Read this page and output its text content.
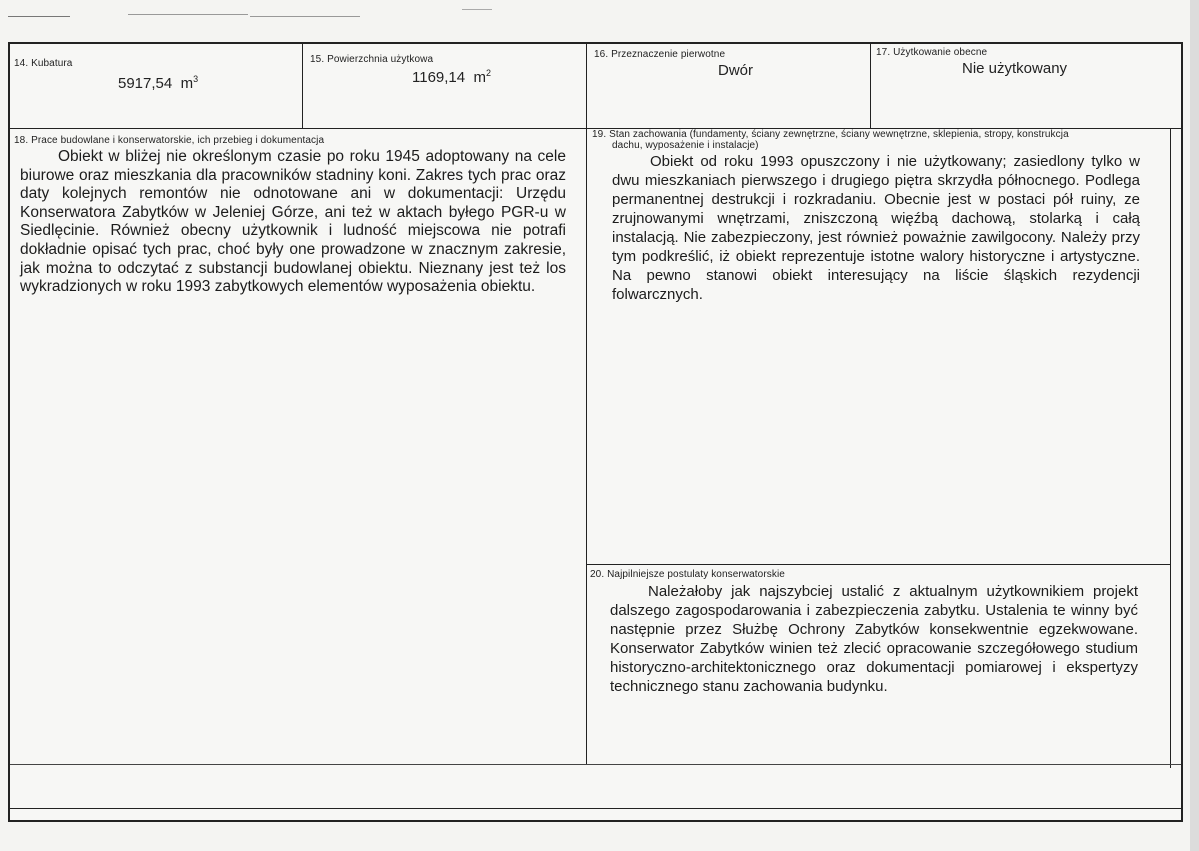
14. Kubatura
5917,54 $m^3$
15. Powierzchnia użytkowa
1169,14 $m^2$
16. Przeznaczenie pierwotne
Dwór
17. Użytkowanie obecne
Nie użytkowany
18. Prace budowlane i konserwatorskie, ich przebieg i dokumentacja
Obiekt w bliżej nie określonym czasie po roku 1945 adoptowany na cele biurowe oraz mieszkania dla pracowników stadniny koni. Zakres tych prac oraz daty kolejnych remontów nie odnotowane ani w dokumentacji: Urzędu Konserwatora Zabytków w Jeleniej Górze, ani też w aktach byłego PGR-u w Siedlęcinie. Również obecny użytkownik i ludność miejscowa nie potrafi dokładnie opisać tych prac, choć były one prowadzone w znacznym zakresie, jak można to odczytać z substancji budowlanej obiektu. Nieznany jest też los wykradzionych w roku 1993 zabytkowych elementów wyposażenia obiektu.
19. Stan zachowania (fundamenty, ściany zewnętrzne, ściany wewnętrzne, sklepienia, stropy, konstrukcja
dachu, wyposażenie i instalacje)
Obiekt od roku 1993 opuszczony i nie użytkowany; zasiedlony tylko w dwu mieszkaniach pierwszego i drugiego piętra skrzydła północnego. Podlega permanentnej destrukcji i rozkradaniu. Obecnie jest w postaci pół ruiny, ze zrujnowanymi wnętrzami, zniszczoną więźbą dachową, stolarką i całą instalacją. Nie zabezpieczony, jest również poważnie zawilgocony. Należy przy tym podkreślić, iż obiekt reprezentuje istotne walory historyczne i artystyczne. Na pewno stanowi obiekt interesujący na liście śląskich rezydencji folwarcznych.
20. Najpilniejsze postulaty konserwatorskie
Należałoby jak najszybciej ustalić z aktualnym użytkownikiem projekt dalszego zagospodarowania i zabezpieczenia zabytku. Ustalenia te winny być następnie przez Służbę Ochrony Zabytków konsekwentnie egzekwowane. Konserwator Zabytków winien też zlecić opracowanie szczegółowego studium historyczno-architektonicznego oraz dokumentacji pomiarowej i ekspertyzy technicznego stanu zachowania budynku.
